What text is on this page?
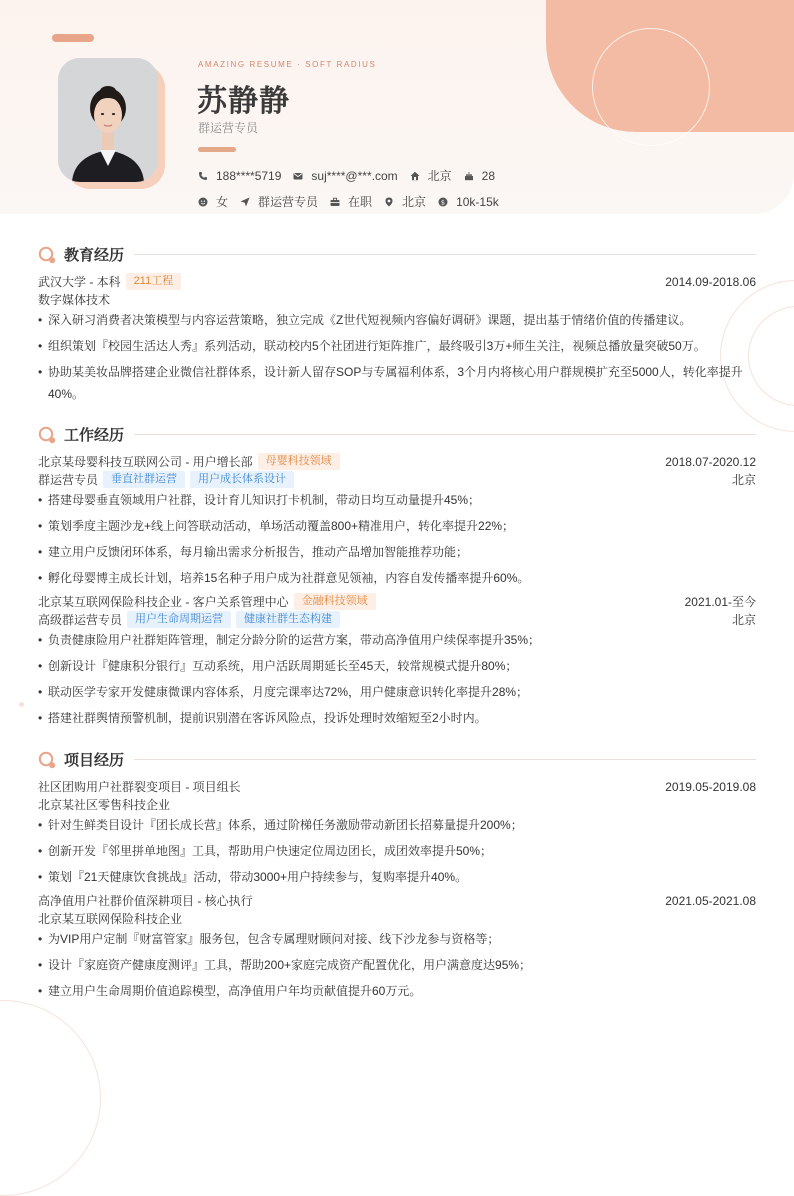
AMAZING RESUME · SOFT RADIUS
苏静静
群运营专员
188****5719	suj****@***.com	北京	28
女	群运营专员	在职	北京 $ 10k-15k
教育经历
武汉大学 - 本科	211工程	2014.09-2018.06
数字媒体技术
• 深入研习消费者决策模型与内容运营策略，独立完成《Z世代短视频内容偏好调研》课题，提出基于情绪价值的传播建议。
• 组织策划『校园生活达人秀』系列活动，联动校内5个社团进行矩阵推广，最终吸引3万+师生关注，视频总播放量突破50万。
• 协助某美妆品牌搭建企业微信社群体系，设计新人留存SOP与专属福利体系，3个月内将核心用户群规模扩充至5000人，转化率提升40%。
工作经历
北京某母婴科技互联网公司 - 用户增长部	母婴科技领域	2018.07-2020.12
群运营专员	垂直社群运营	用户成长体系设计	北京
• 搭建母婴垂直领域用户社群，设计育儿知识打卡机制，带动日均互动量提升45%；
• 策划季度主题沙龙+线上问答联动活动，单场活动覆盖800+精准用户，转化率提升22%；
• 建立用户反馈闭环体系，每月输出需求分析报告，推动产品增加智能推荐功能；
• 孵化母婴博主成长计划，培养15名种子用户成为社群意见领袖，内容自发传播率提升60%。
北京某互联网保险科技企业 - 客户关系管理中心	金融科技领域	2021.01-至今
高级群运营专员	用户生命周期运营	健康社群生态构建	北京
• 负责健康险用户社群矩阵管理，制定分龄分阶的运营方案，带动高净值用户续保率提升35%；
• 创新设计『健康积分银行』互动系统，用户活跃周期延长至45天，较常规模式提升80%；
• 联动医学专家开发健康微课内容体系，月度完课率达72%，用户健康意识转化率提升28%；
• 搭建社群舆情预警机制，提前识别潜在客诉风险点，投诉处理时效缩短至2小时内。
项目经历
社区团购用户社群裂变项目 - 项目组长	2019.05-2019.08
北京某社区零售科技企业
• 针对生鲜类目设计『团长成长营』体系，通过阶梯任务激励带动新团长招募量提升200%；
• 创新开发『邻里拼单地图』工具，帮助用户快速定位周边团长，成团效率提升50%；
• 策划『21天健康饮食挑战』活动，带动3000+用户持续参与，复购率提升40%。
高净值用户社群价值深耕项目 - 核心执行	2021.05-2021.08
北京某互联网保险科技企业
• 为VIP用户定制『财富管家』服务包，包含专属理财顾问对接、线下沙龙参与资格等；
• 设计『家庭资产健康度测评』工具，帮助200+家庭完成资产配置优化，用户满意度达95%；
• 建立用户生命周期价值追踪模型，高净值用户年均贡献值提升60万元。
